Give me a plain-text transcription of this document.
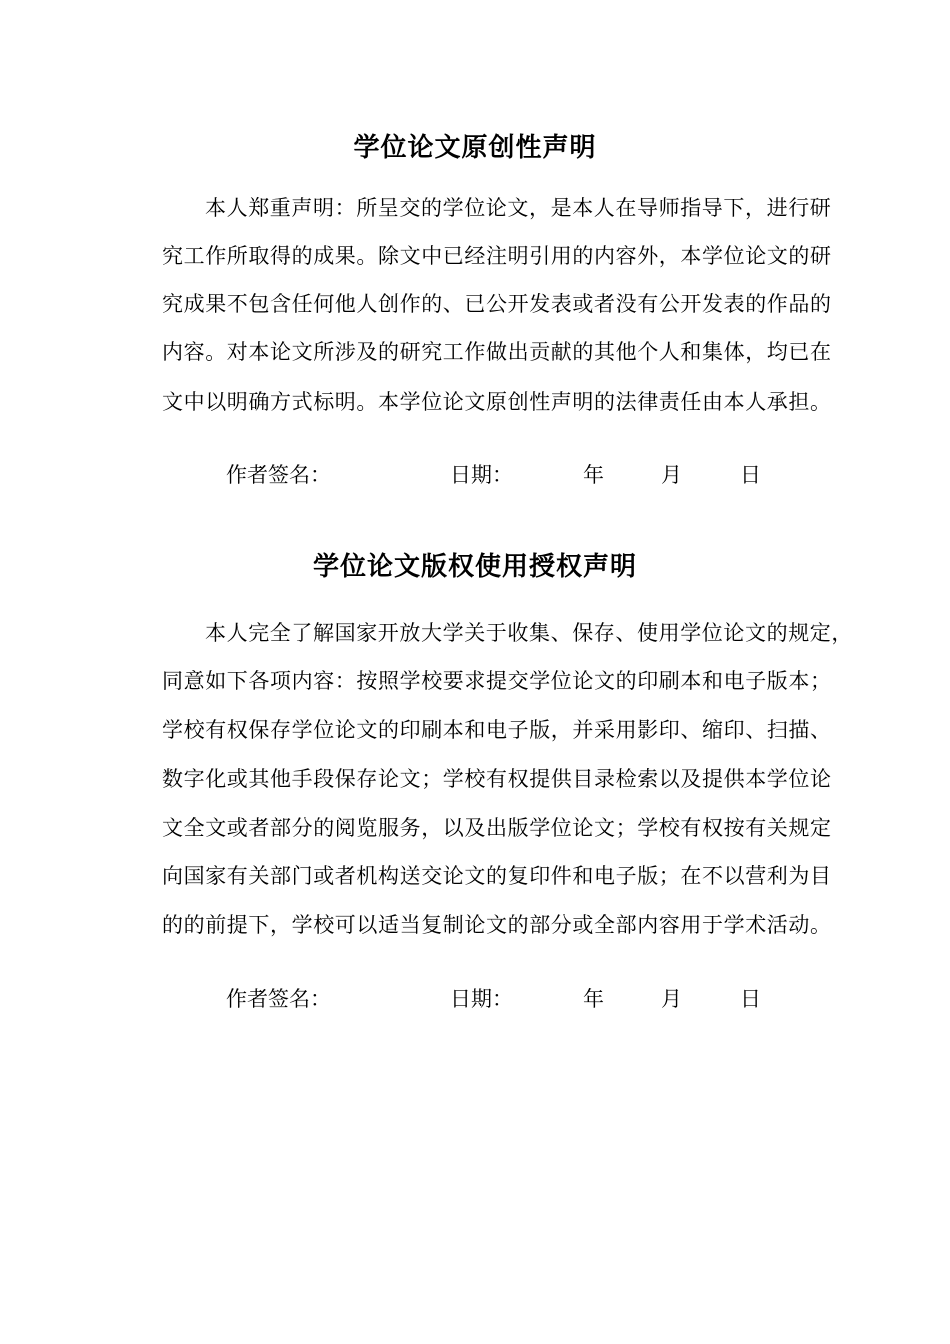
学位论文原创性声明
本人郑重声明：所呈交的学位论文，是本人在导师指导下，进行研
究工作所取得的成果。除文中已经注明引用的内容外，本学位论文的研
究成果不包含任何他人创作的、已公开发表或者没有公开发表的作品的
内容。对本论文所涉及的研究工作做出贡献的其他个人和集体，均已在
文中以明确方式标明。本学位论文原创性声明的法律责任由本人承担。
作者签名：	日期：	年	月	日
学位论文版权使用授权声明
本人完全了解国家开放大学关于收集、保存、使用学位论文的规定，
同意如下各项内容：按照学校要求提交学位论文的印刷本和电子版本；
学校有权保存学位论文的印刷本和电子版，并采用影印、缩印、扫描、
数字化或其他手段保存论文；学校有权提供目录检索以及提供本学位论
文全文或者部分的阅览服务，以及出版学位论文；学校有权按有关规定
向国家有关部门或者机构送交论文的复印件和电子版；在不以营利为目
的的前提下，学校可以适当复制论文的部分或全部内容用于学术活动。
作者签名：	日期：	年	月	日
